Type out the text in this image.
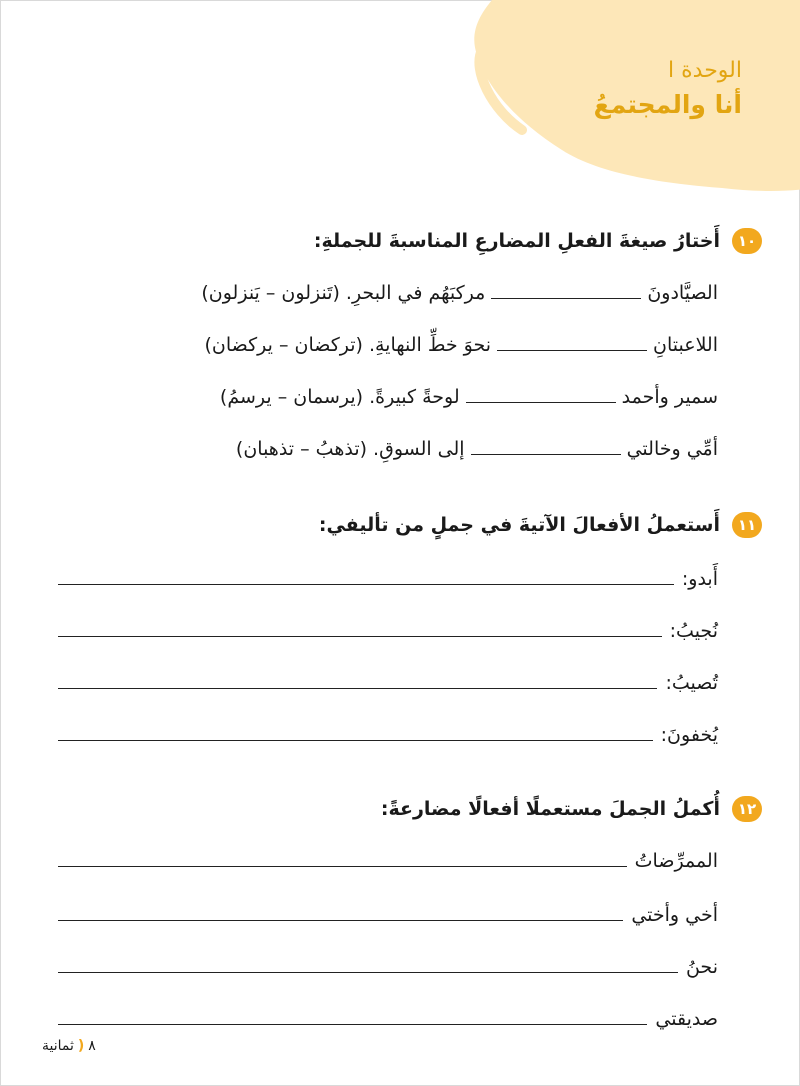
الوحدة ا
أنا والمجتمعُ
١٠
أَختارُ صيغةَ الفعلِ المضارعِ المناسبةَ للجملةِ:
الصيَّادونَ
مركبَهُم في البحرِ.
(تَنزلون – يَنزلون)
اللاعبتانِ
نحوَ خطِّ النهايةِ.
(تركضان – يركضان)
سمير وأحمد
لوحةً كبيرةً.
(يرسمان – يرسمُ)
أمِّي وخالتي
إلى السوقِ.
(تذهبُ – تذهبان)
١١
أَستعملُ الأفعالَ الآتيةَ في جملٍ من تأليفي:
أَبدو:
نُجيبُ:
تُصيبُ:
يُخفونَ:
١٢
أُكملُ الجملَ مستعملًا أفعالًا مضارعةً:
الممرِّضاتُ
أخي وأختي
نحنُ
صديقتي
٨
(
ثمانية
